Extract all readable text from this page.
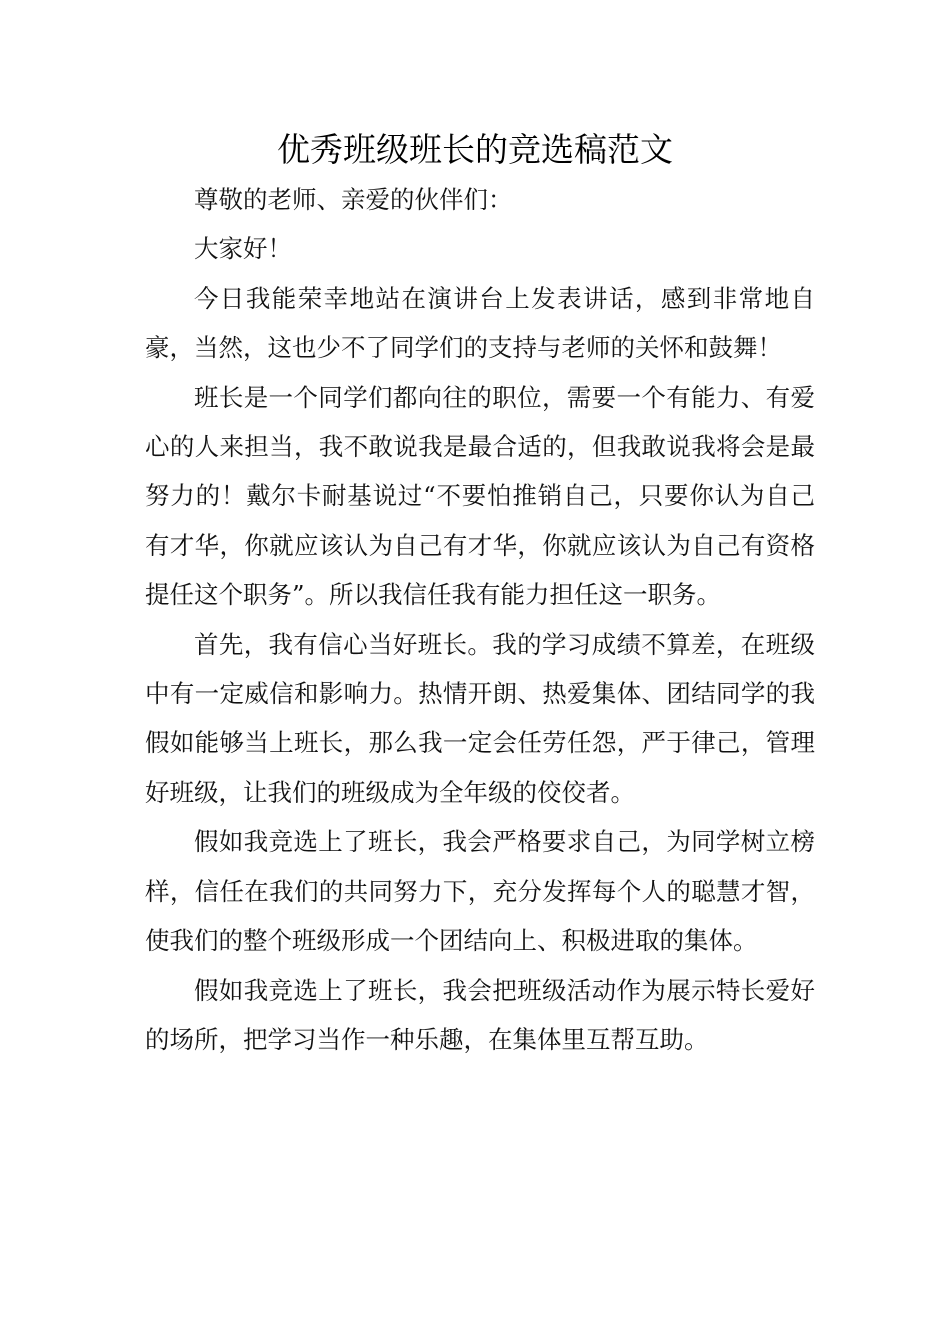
优秀班级班长的竞选稿范文

尊敬的老师、亲爱的伙伴们：

大家好！

今日我能荣幸地站在演讲台上发表讲话，感到非常地自豪，当然，这也少不了同学们的支持与老师的关怀和鼓舞！

班长是一个同学们都向往的职位，需要一个有能力、有爱心的人来担当，我不敢说我是最合适的，但我敢说我将会是最努力的！戴尔卡耐基说过“不要怕推销自己，只要你认为自己有才华，你就应该认为自己有才华，你就应该认为自己有资格提任这个职务”。所以我信任我有能力担任这一职务。

首先，我有信心当好班长。我的学习成绩不算差，在班级中有一定威信和影响力。热情开朗、热爱集体、团结同学的我假如能够当上班长，那么我一定会任劳任怨，严于律己，管理好班级，让我们的班级成为全年级的佼佼者。

假如我竞选上了班长，我会严格要求自己，为同学树立榜样，信任在我们的共同努力下，充分发挥每个人的聪慧才智，使我们的整个班级形成一个团结向上、积极进取的集体。

假如我竞选上了班长，我会把班级活动作为展示特长爱好的场所，把学习当作一种乐趣，在集体里互帮互助。
